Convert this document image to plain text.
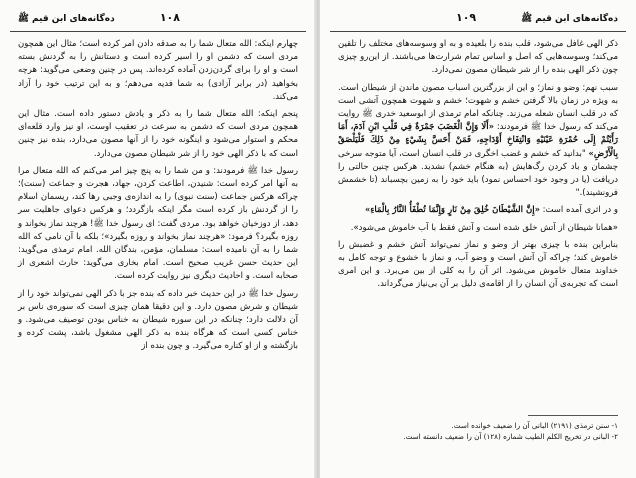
ده‌گانه‌های ابن قیم ﷺ	۱۰۸

چهارم اینکه: الله متعال شما را به صدقه دادن امر کرده است؛ مثال این همچون مردی است که دشمن او را اسیر کرده است و دستانش را به گردنش بسته است و او را برای گردن‌زدن آماده کرده‌اند. پس در چنین وضعی می‌گوید: هرچه بخواهید (در برابر آزادی) به شما فدیه می‌دهم؛ و به این ترتیب خود را آزاد می‌کند.

پنجم اینکه: الله متعال شما را به ذکر و یادش دستور داده است. مثال این همچون مردی است که دشمن به سرعت در تعقیب اوست، او نیز وارد قلعه‌ای محکم و استوار می‌شود و اینگونه خود را از آنها مصون می‌دارد، بنده نیز چنین است که با ذکر الهی خود را از شر شیطان مصون می‌دارد.

رسول خدا ﷺ فرمودند: و من شما را به پنج چیز امر می‌کنم که الله متعال مرا به آنها امر کرده است: شنیدن، اطاعت کردن، جهاد، هجرت و جماعت (سنت)؛ چراکه هرکس جماعت (سنت نبوی) را به اندازه‌ی وجبی رها کند، ریسمان اسلام را از گردنش باز کرده است مگر اینکه بازگردد؛ و هرکس دعوای جاهلیت سر دهد، از دوزخیان خواهد بود. مردی گفت: ای رسول خدا ﷺ! هرچند نماز بخواند و روزه بگیرد؟ فرمود: «هرچند نماز بخواند و روزه بگیرد»؛ بلکه با آن نامی که الله شما را به آن نامیده است: مسلمان، مؤمن، بندگان الله. امام ترمذی می‌گوید: این حدیث حسن غریب صحیح است. امام بخاری می‌گوید: حارث اشعری از صحابه است. و احادیث دیگری نیز روایت کرده است.

رسول خدا ﷺ در این حدیث خبر داده که بنده جز با ذکر الهی نمی‌تواند خود را از شیطان و شرش مصون دارد. و این دقیقا همان چیزی است که سوره‌ی ناس بر آن دلالت دارد؛ چنانکه در این سوره شیطان به خناس بودن توصیف می‌شود. و خناس کسی است که هرگاه بنده به ذکر الهی مشغول باشد، پشت کرده و بازگشته و از او کناره می‌گیرد. و چون بنده از

ده‌گانه‌های ابن قیم ﷺ
۱۰۹

ذکر الهی غافل می‌شود، قلب بنده را بلعیده و به او وسوسه‌های مختلف را تلقین می‌کند؛ وسوسه‌هایی که اصل و اساس تمام شرارت‌ها می‌باشند. از این‌رو چیزی چون ذکر الهی بنده را از شر شیطان مصون نمی‌دارد.

سبب نهم: وضو و نماز؛ و این از بزرگترین اسباب مصون ماندن از شیطان است. به ویژه در زمان بالا گرفتن خشم و شهوت؛ خشم و شهوت همچون آتشی است که در قلب انسان شعله می‌زند. چنانکه امام ترمذی از ابوسعید خدری ﷺ روایت می‌کند که رسول خدا ﷺ فرمودند: «أَلَا وَإِنَّ الْغَضَبَ جَمْرَةٌ فِي قَلْبِ ابْنِ آدَمَ، أَمَا رَأَيْتُمْ إِلَى حُمْرَةِ عَيْنَيْهِ وَانْتِفَاخِ أَوْدَاجِهِ، فَمَنْ أَحَسَّ بِشَيْءٍ مِنْ ذَلِكَ فَلْيَلْصَقْ بِالْأَرْضِ» "بدانید که خشم و غضب اخگری در قلب انسان است، آیا متوجه سرخی چشمان و باد کردن رگ‌هایش (به هنگام خشم) نشدید. هرکس چنین حالتی را دریافت (یا در وجود خود احساس نمود) باید خود را به زمین بچسباند (تا خشمش فرونشیند)."

و در اثری آمده است: «إِنَّ الشَّيْطَانَ خُلِقَ مِنْ نَارٍ وَإِنَّمَا تُطْفَأُ النَّارُ بِالْمَاءِ»

«همانا شیطان از آتش خلق شده است و آتش فقط با آب خاموش می‌شود».

بنابراین بنده با چیزی بهتر از وضو و نماز نمی‌تواند آتش خشم و غضبش را خاموش کند؛ چراکه آن آتش است و وضو آب، و نماز با خشوع و توجه کامل به خداوند متعال خاموش می‌شود. اثر آن را به کلی از بین می‌برد. و این امری است که تجربه‌ی آن انسان را از اقامه‌ی دلیل بر آن بی‌نیاز می‌گرداند.

۱- سنن ترمذی (۲۱۹۱) البانی آن را ضعیف خوانده است.
۲- البانی در تخریج الکلم الطیب شماره (۱۲۸) آن را ضعیف دانسته است.
